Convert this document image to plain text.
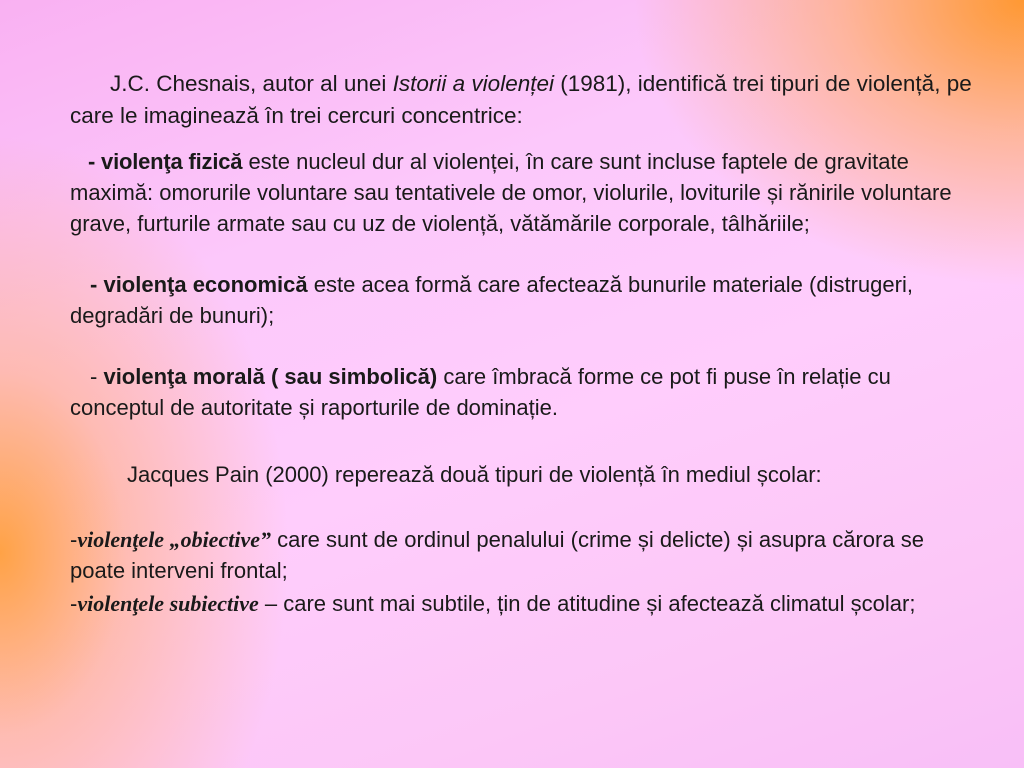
J.C. Chesnais, autor al unei Istorii a violenței (1981), identifică trei tipuri de violență, pe care le imaginează în trei cercuri concentrice:

- violenţa fizică este nucleul dur al violenței, în care sunt incluse faptele de gravitate maximă: omorurile voluntare sau tentativele de omor, violurile, loviturile și rănirile voluntare grave, furturile armate sau cu uz de violență, vătămările corporale, tâlhăriile;

- violenţa economică este acea formă care afectează bunurile materiale (distrugeri, degradări de bunuri);

- violenţa morală ( sau simbolică) care îmbracă forme ce pot fi puse în relație cu conceptul de autoritate și raporturile de dominație.

Jacques Pain (2000) reperează două tipuri de violență în mediul școlar:

-violenţele „obiective” care sunt de ordinul penalului (crime și delicte) și asupra cărora se poate interveni frontal;

-violenţele subiective – care sunt mai subtile, țin de atitudine și afectează climatul școlar;
